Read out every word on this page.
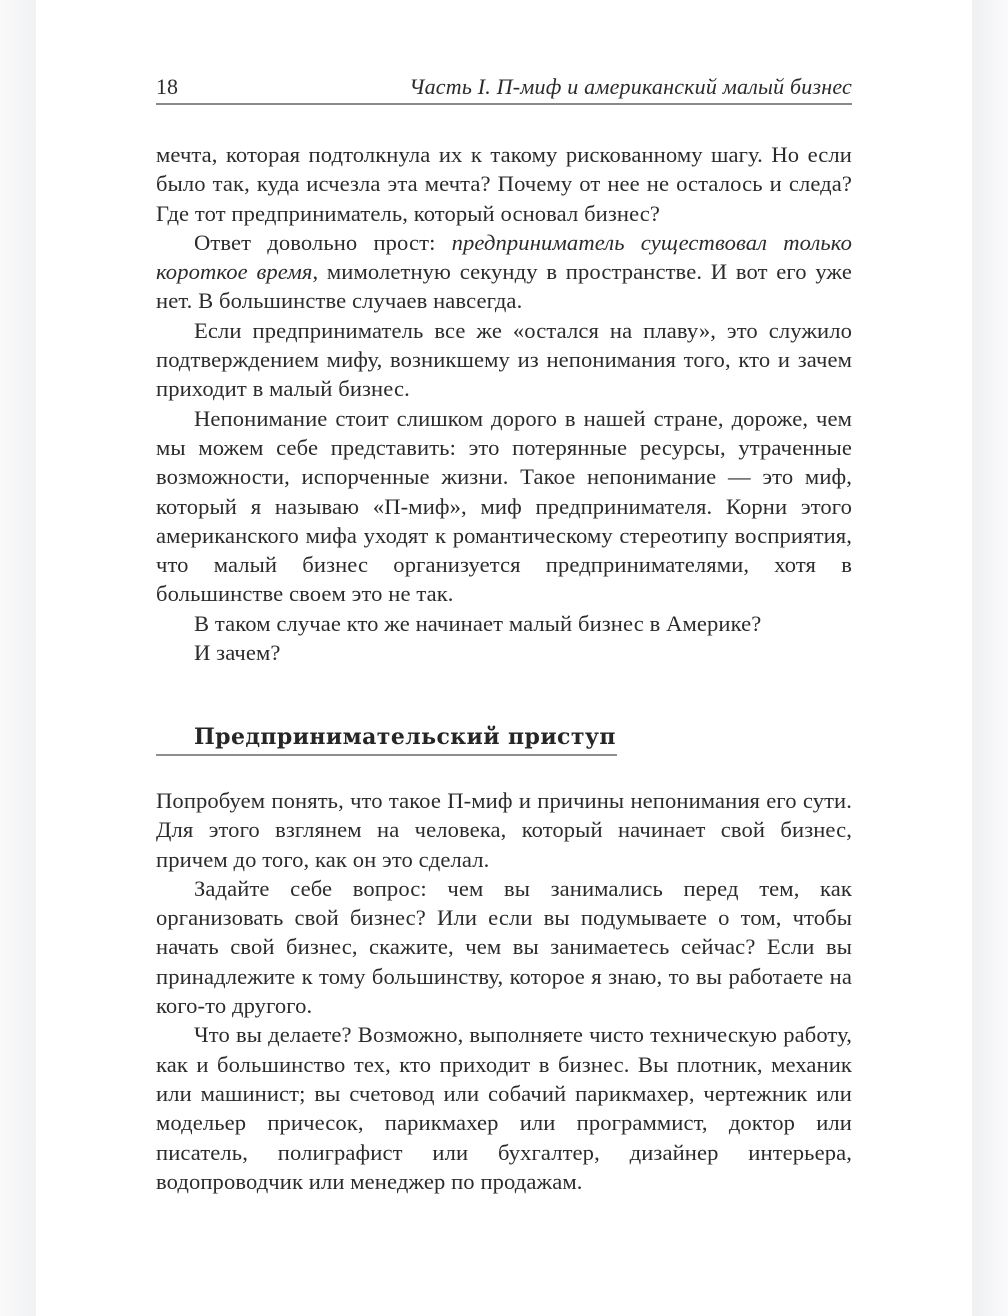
18	Часть I. П-миф и американский малый бизнес

мечта, которая подтолкнула их к такому рискованному шагу. Но если было так, куда исчезла эта мечта? Почему от нее не осталось и следа? Где тот предприниматель, который основал бизнес?

Ответ довольно прост: предприниматель существовал только короткое время, мимолетную секунду в пространстве. И вот его уже нет. В большинстве случаев навсегда.

Если предприниматель все же «остался на плаву», это служило подтверждением мифу, возникшему из непонимания того, кто и зачем приходит в малый бизнес.

Непонимание стоит слишком дорого в нашей стране, дороже, чем мы можем себе представить: это потерянные ресурсы, утраченные возможности, испорченные жизни. Такое непонимание — это миф, который я называю «П-миф», миф предпринимателя. Корни этого американского мифа уходят к романтическому стереотипу восприятия, что малый бизнес организуется предпринимателями, хотя в большинстве своем это не так.

В таком случае кто же начинает малый бизнес в Америке?

И зачем?

Предпринимательский приступ

Попробуем понять, что такое П-миф и причины непонимания его сути. Для этого взглянем на человека, который начинает свой бизнес, причем до того, как он это сделал.

Задайте себе вопрос: чем вы занимались перед тем, как организовать свой бизнес? Или если вы подумываете о том, чтобы начать свой бизнес, скажите, чем вы занимаетесь сейчас? Если вы принадлежите к тому большинству, которое я знаю, то вы работаете на кого-то другого.

Что вы делаете? Возможно, выполняете чисто техническую работу, как и большинство тех, кто приходит в бизнес. Вы плотник, механик или машинист; вы счетовод или собачий парикмахер, чертежник или модельер причесок, парикмахер или программист, доктор или писатель, полиграфист или бухгалтер, дизайнер интерьера, водопроводчик или менеджер по продажам.
